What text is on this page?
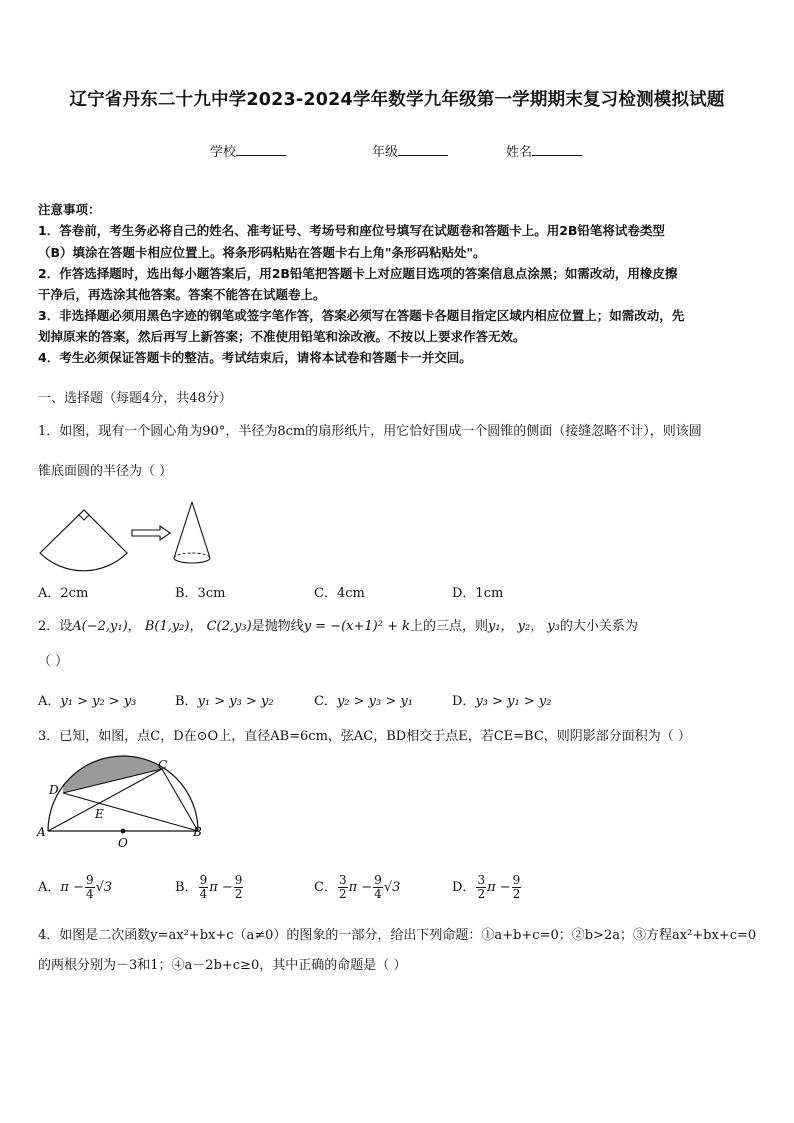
辽宁省丹东二十九中学2023-2024学年数学九年级第一学期期末复习检测模拟试题
学校	年级	姓名
注意事项：
1．答卷前，考生务必将自己的姓名、准考证号、考场号和座位号填写在试题卷和答题卡上。用2B铅笔将试卷类型
（B）填涂在答题卡相应位置上。将条形码粘贴在答题卡右上角"条形码粘贴处"。
2．作答选择题时，选出每小题答案后，用2B铅笔把答题卡上对应题目选项的答案信息点涂黑；如需改动，用橡皮擦
干净后，再选涂其他答案。答案不能答在试题卷上。
3．非选择题必须用黑色字迹的钢笔或签字笔作答，答案必须写在答题卡各题目指定区域内相应位置上；如需改动，先
划掉原来的答案，然后再写上新答案；不准使用铅笔和涂改液。不按以上要求作答无效。
4．考生必须保证答题卡的整洁。考试结束后，请将本试卷和答题卡一并交回。
一、选择题（每题4分，共48分）
1．如图，现有一个圆心角为90°，半径为8cm的扇形纸片，用它恰好围成一个圆锥的侧面（接缝忽略不计），则该圆
锥底面圆的半径为（ ）
A．2cm	B．3cm	C．4cm	D．1cm
2．设A(−2,y₁)， B(1,y₂)， C(2,y₃)是抛物线y = −(x+1)² + k上的三点，则y₁， y₂， y₃的大小关系为
（ ）
A．y₁ > y₂ > y₃	B．y₁ > y₃ > y₂	C．y₂ > y₃ > y₁	D．y₃ > y₁ > y₂
3．已知，如图，点C，D在⊙O上，直径AB=6cm，弦AC，BD相交于点E，若CE=BC，则阴影部分面积为（ ）
D
C
E
A
O
B
A．$\pi - \frac{9}{4} √3$	B． $\frac{9}{4}$ $\pi - \frac{9}{2}$	C． $\frac{3}{2}$ $\pi - \frac{9}{4} √3$	D． $\frac{3}{2}$ $\pi - \frac{9}{2}$
4．如图是二次函数y=ax²+bx+c（a≠0）的图象的一部分，给出下列命题：①a+b+c=0；②b>2a；③方程ax²+bx+c=0
的两根分别为－3和1；④a－2b+c≥0，其中正确的命题是（ ）
